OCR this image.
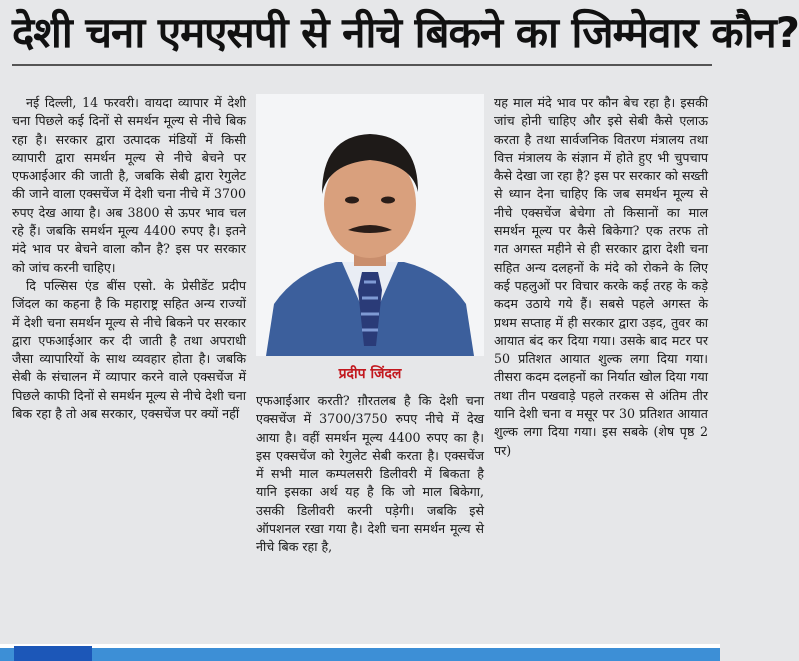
देशी चना एमएसपी से नीचे बिकने का जिम्मेवार कौन?

नई दिल्ली, 14 फरवरी। वायदा व्यापार में देशी चना पिछले कई दिनों से समर्थन मूल्य से नीचे बिक रहा है। सरकार द्वारा उत्पादक मंडियों में किसी व्यापारी द्वारा समर्थन मूल्य से नीचे बेचने पर एफआईआर की जाती है, जबकि सेबी द्वारा रेगुलेट की जाने वाला एक्सचेंज में देशी चना नीचे में 3700 रुपए देख आया है। अब 3800 से ऊपर भाव चल रहे हैं। जबकि समर्थन मूल्य 4400 रुपए है। इतने मंदे भाव पर बेचने वाला कौन है? इस पर सरकार को जांच करनी चाहिए।

दि पल्सिस एंड बींस एसो. के प्रेसीडेंट प्रदीप जिंदल का कहना है कि महाराष्ट्र सहित अन्य राज्यों में देशी चना समर्थन मूल्य से नीचे बिकने पर सरकार द्वारा एफआईआर कर दी जाती है तथा अपराधी जैसा व्यापारियों के साथ व्यवहार होता है। जबकि सेबी के संचालन में व्यापार करने वाले एक्सचेंज में पिछले काफी दिनों से समर्थन मूल्य से नीचे देशी चना बिक रहा है तो अब सरकार, एक्सचेंज पर क्यों नहीं

प्रदीप जिंदल

एफआईआर करती? ग़ौरतलब है कि देशी चना एक्सचेंज में 3700/3750 रुपए नीचे में देख आया है। वहीं समर्थन मूल्य 4400 रुपए का है। इस एक्सचेंज को रेगुलेट सेबी करता है। एक्सचेंज में सभी माल कम्पलसरी डिलीवरी में बिकता है यानि इसका अर्थ यह है कि जो माल बिकेगा, उसकी डिलीवरी करनी पड़ेगी। जबकि इसे ऑपशनल रखा गया है। देशी चना समर्थन मूल्य से नीचे बिक रहा है,

यह माल मंदे भाव पर कौन बेच रहा है। इसकी जांच होनी चाहिए और इसे सेबी कैसे एलाऊ करता है तथा सार्वजनिक वितरण मंत्रालय तथा वित्त मंत्रालय के संज्ञान में होते हुए भी चुपचाप कैसे देखा जा रहा है? इस पर सरकार को सख्ती से ध्यान देना चाहिए कि जब समर्थन मूल्य से नीचे एक्सचेंज बेचेगा तो किसानों का माल समर्थन मूल्य पर कैसे बिकेगा? एक तरफ तो गत अगस्त महीने से ही सरकार द्वारा देशी चना सहित अन्य दलहनों के मंदे को रोकने के लिए कई पहलुओं पर विचार करके कई तरह के कड़े कदम उठाये गये हैं। सबसे पहले अगस्त के प्रथम सप्ताह में ही सरकार द्वारा उड़द, तुवर का आयात बंद कर दिया गया। उसके बाद मटर पर 50 प्रतिशत आयात शुल्क लगा दिया गया। तीसरा कदम दलहनों का निर्यात खोल दिया गया तथा तीन पखवाड़े पहले तरकस से अंतिम तीर यानि देशी चना व मसूर पर 30 प्रतिशत आयात शुल्क लगा दिया गया। इस सबके (शेष पृष्ठ 2 पर)
